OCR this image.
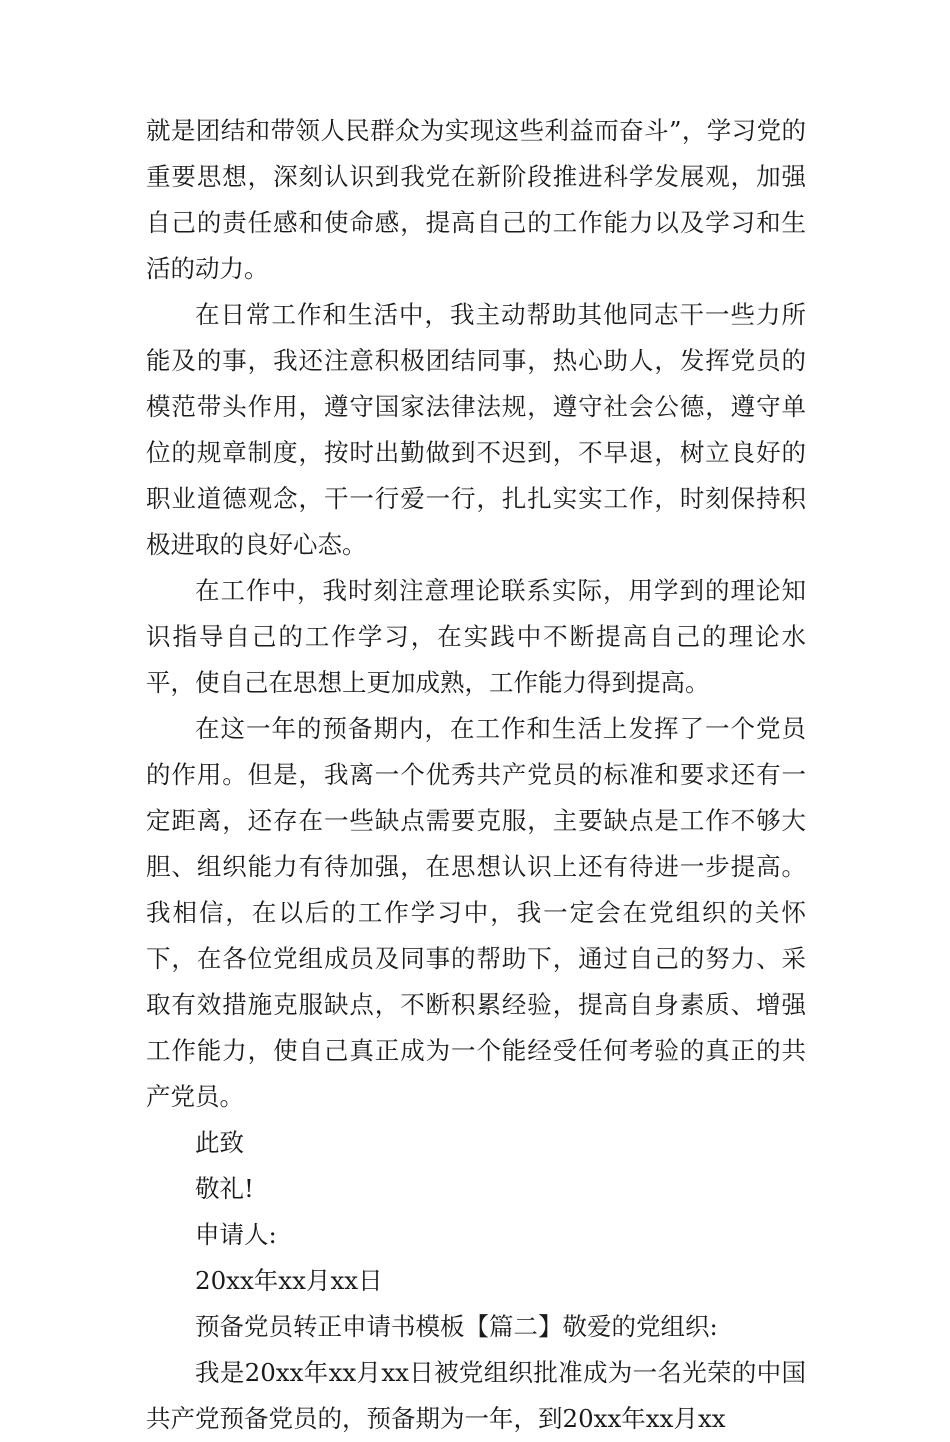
就是团结和带领人民群众为实现这些利益而奋斗”，学习党的重要思想，深刻认识到我党在新阶段推进科学发展观，加强自己的责任感和使命感，提高自己的工作能力以及学习和生活的动力。

在日常工作和生活中，我主动帮助其他同志干一些力所能及的事，我还注意积极团结同事，热心助人，发挥党员的模范带头作用，遵守国家法律法规，遵守社会公德，遵守单位的规章制度，按时出勤做到不迟到，不早退，树立良好的职业道德观念，干一行爱一行，扎扎实实工作，时刻保持积极进取的良好心态。

在工作中，我时刻注意理论联系实际，用学到的理论知识指导自己的工作学习，在实践中不断提高自己的理论水平，使自己在思想上更加成熟，工作能力得到提高。

在这一年的预备期内，在工作和生活上发挥了一个党员的作用。但是，我离一个优秀共产党员的标准和要求还有一定距离，还存在一些缺点需要克服，主要缺点是工作不够大胆、组织能力有待加强，在思想认识上还有待进一步提高。我相信，在以后的工作学习中，我一定会在党组织的关怀下，在各位党组成员及同事的帮助下，通过自己的努力、采取有效措施克服缺点，不断积累经验，提高自身素质、增强工作能力，使自己真正成为一个能经受任何考验的真正的共产党员。

此致

敬礼!

申请人:

20xx年xx月xx日

预备党员转正申请书模板【篇二】敬爱的党组织:

我是20xx年xx月xx日被党组织批准成为一名光荣的中国共产党预备党员的，预备期为一年，到20xx年xx月xx
